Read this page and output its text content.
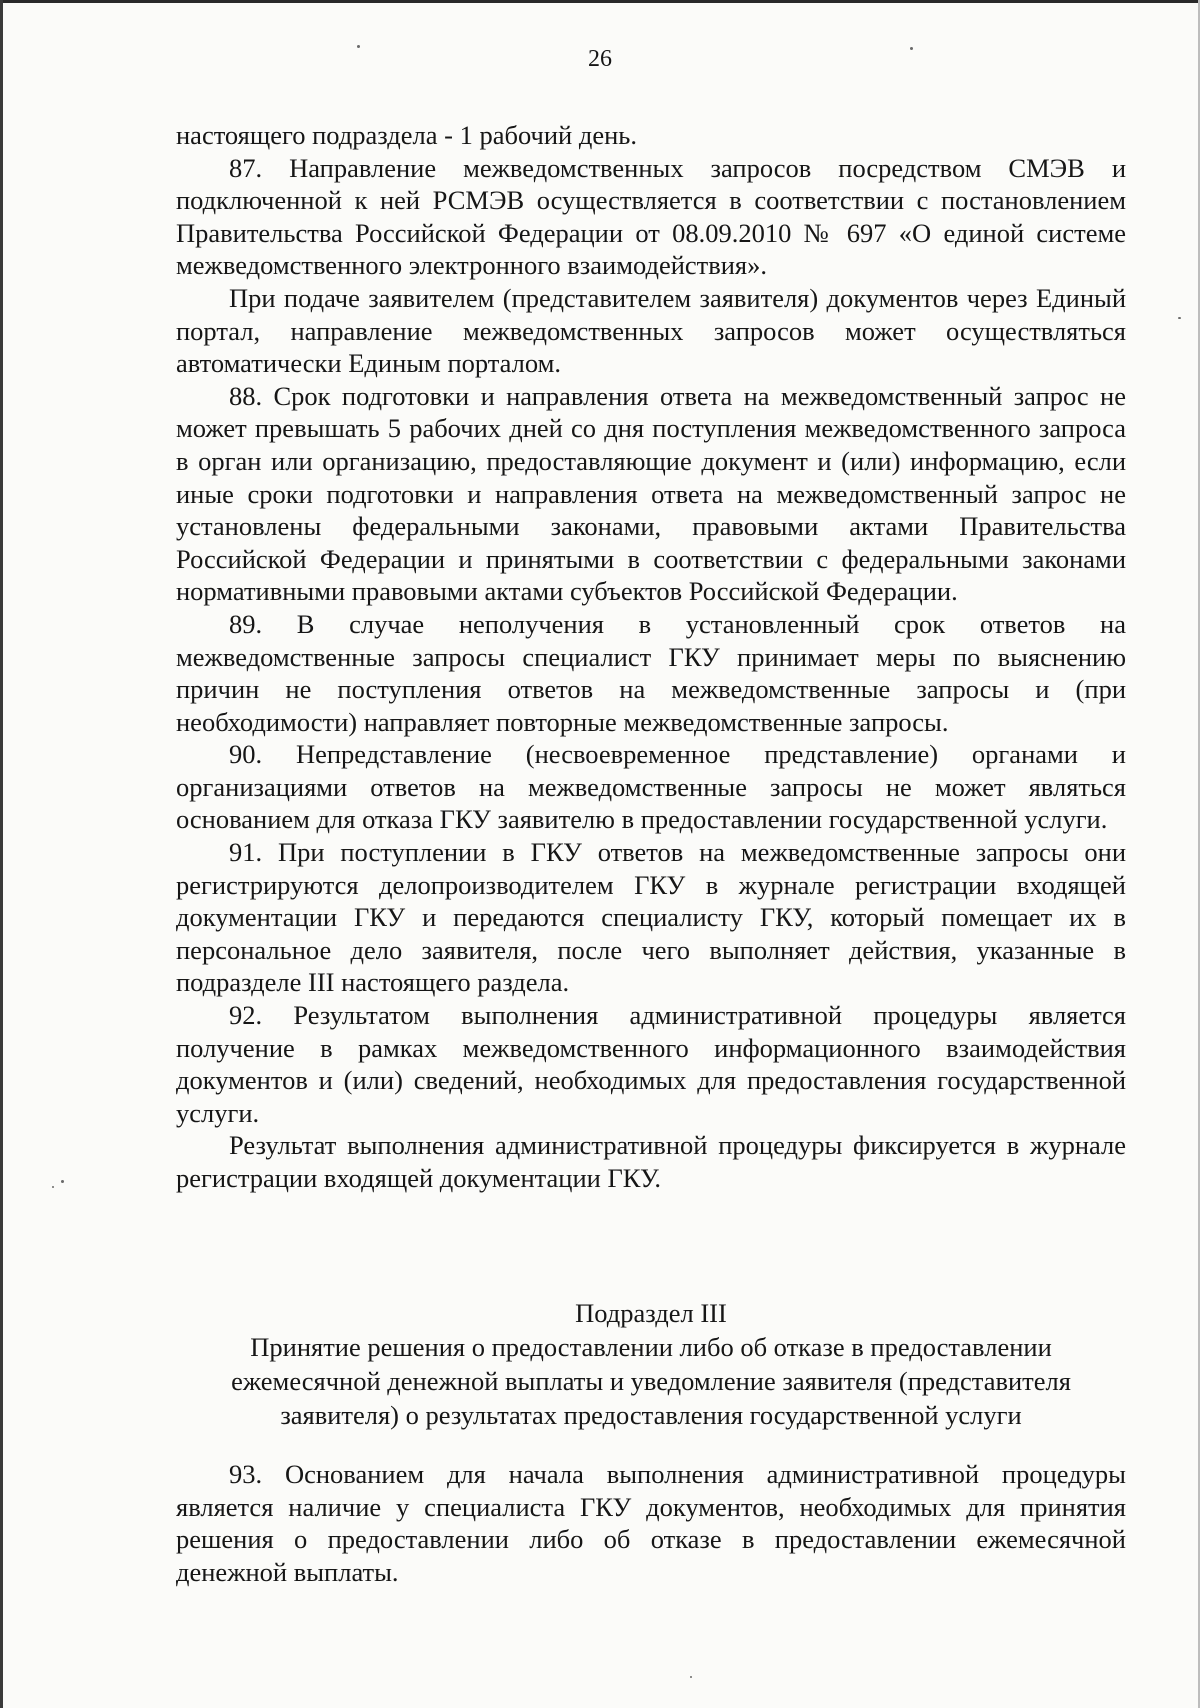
26

настоящего подраздела - 1 рабочий день.

87. Направление межведомственных запросов посредством СМЭВ и подключенной к ней РСМЭВ осуществляется в соответствии с постановлением Правительства Российской Федерации от 08.09.2010 № 697 «О единой системе межведомственного электронного взаимодействия».

При подаче заявителем (представителем заявителя) документов через Единый портал, направление межведомственных запросов может осуществляться автоматически Единым порталом.

88. Срок подготовки и направления ответа на межведомственный запрос не может превышать 5 рабочих дней со дня поступления межведомственного запроса в орган или организацию, предоставляющие документ и (или) информацию, если иные сроки подготовки и направления ответа на межведомственный запрос не установлены федеральными законами, правовыми актами Правительства Российской Федерации и принятыми в соответствии с федеральными законами нормативными правовыми актами субъектов Российской Федерации.

89. В случае неполучения в установленный срок ответов на межведомственные запросы специалист ГКУ принимает меры по выяснению причин не поступления ответов на межведомственные запросы и (при необходимости) направляет повторные межведомственные запросы.

90. Непредставление (несвоевременное представление) органами и организациями ответов на межведомственные запросы не может являться основанием для отказа ГКУ заявителю в предоставлении государственной услуги.

91. При поступлении в ГКУ ответов на межведомственные запросы они регистрируются делопроизводителем ГКУ в журнале регистрации входящей документации ГКУ и передаются специалисту ГКУ, который помещает их в персональное дело заявителя, после чего выполняет действия, указанные в подразделе III настоящего раздела.

92. Результатом выполнения административной процедуры является получение в рамках межведомственного информационного взаимодействия документов и (или) сведений, необходимых для предоставления государственной услуги.

Результат выполнения административной процедуры фиксируется в журнале регистрации входящей документации ГКУ.

Подраздел III

Принятие решения о предоставлении либо об отказе в предоставлении

ежемесячной денежной выплаты и уведомление заявителя (представителя

заявителя) о результатах предоставления государственной услуги

93. Основанием для начала выполнения административной процедуры является наличие у специалиста ГКУ документов, необходимых для принятия решения о предоставлении либо об отказе в предоставлении ежемесячной денежной выплаты.
